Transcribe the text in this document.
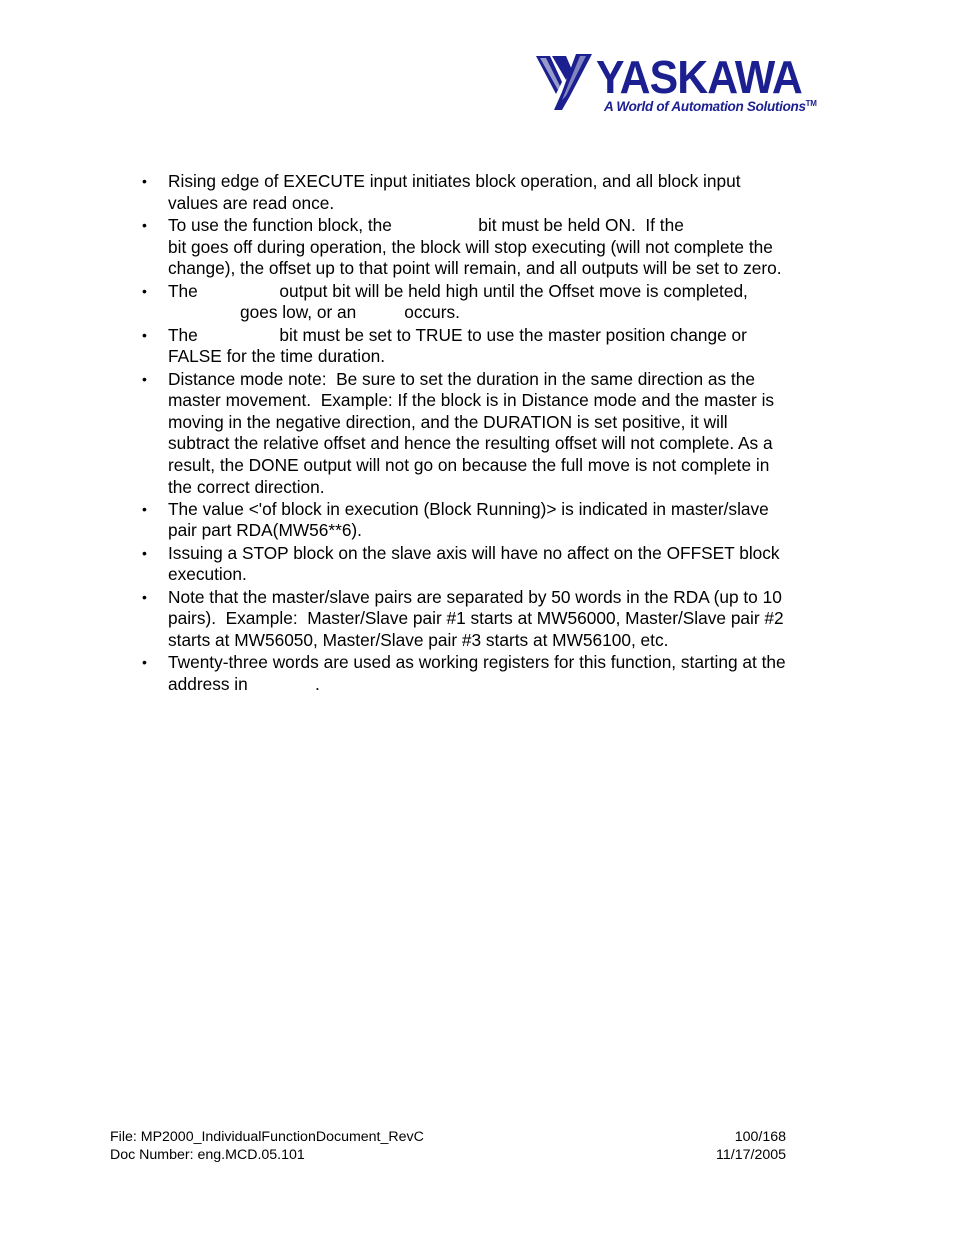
YASKAWA
A World of Automation Solutions™
• Rising edge of EXECUTE input initiates block operation, and all block input
values are read once.
• To use the function block, the                  bit must be held ON.  If the
bit goes off during operation, the block will stop executing (will not complete the
change), the offset up to that point will remain, and all outputs will be set to zero.
• The                 output bit will be held high until the Offset move is completed,
goes low, or an          occurs.
• The                 bit must be set to TRUE to use the master position change or
FALSE for the time duration.
• Distance mode note:  Be sure to set the duration in the same direction as the
master movement.  Example: If the block is in Distance mode and the master is
moving in the negative direction, and the DURATION is set positive, it will
subtract the relative offset and hence the resulting offset will not complete. As a
result, the DONE output will not go on because the full move is not complete in
the correct direction.
• The value <'of block in execution (Block Running)> is indicated in master/slave
pair part RDA(MW56**6).
• Issuing a STOP block on the slave axis will have no affect on the OFFSET block
execution.
• Note that the master/slave pairs are separated by 50 words in the RDA (up to 10
pairs).  Example:  Master/Slave pair #1 starts at MW56000, Master/Slave pair #2
starts at MW56050, Master/Slave pair #3 starts at MW56100, etc.
• Twenty-three words are used as working registers for this function, starting at the
address in              .
File: MP2000_IndividualFunctionDocument_RevC	100/168
Doc Number: eng.MCD.05.101	11/17/2005
